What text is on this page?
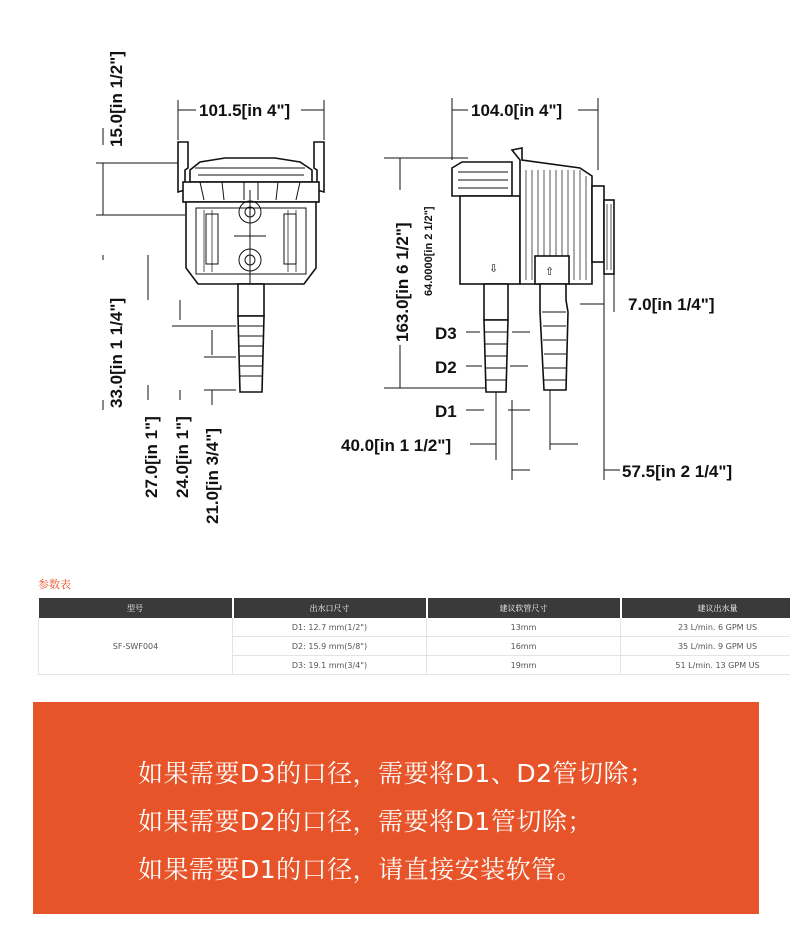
101.5[in 4"]
15.0[in 1/2"]
33.0[in 1 1/4"]
27.0[in 1"] 24.0[in 1"] 21.0[in 3/4"]
104.0[in 4"]
163.0[in 6 1/2"] 64.0000[in 2 1/2"]	⇩	⇧
D3
D2
D1
40.0[in 1 1/2"]
7.0[in 1/4"]
57.5[in 2 1/4"]
参数表
型号	出水口尺寸	建议软管尺寸	建议出水量
SF-SWF004	D1: 12.7 mm(1/2")	13mm	23 L/min. 6 GPM US
	D2: 15.9 mm(5/8")	16mm	35 L/min. 9 GPM US
	D3: 19.1 mm(3/4")	19mm	51 L/min. 13 GPM US
如果需要D3的口径，需要将D1、D2管切除；
如果需要D2的口径，需要将D1管切除；
如果需要D1的口径，请直接安装软管。
